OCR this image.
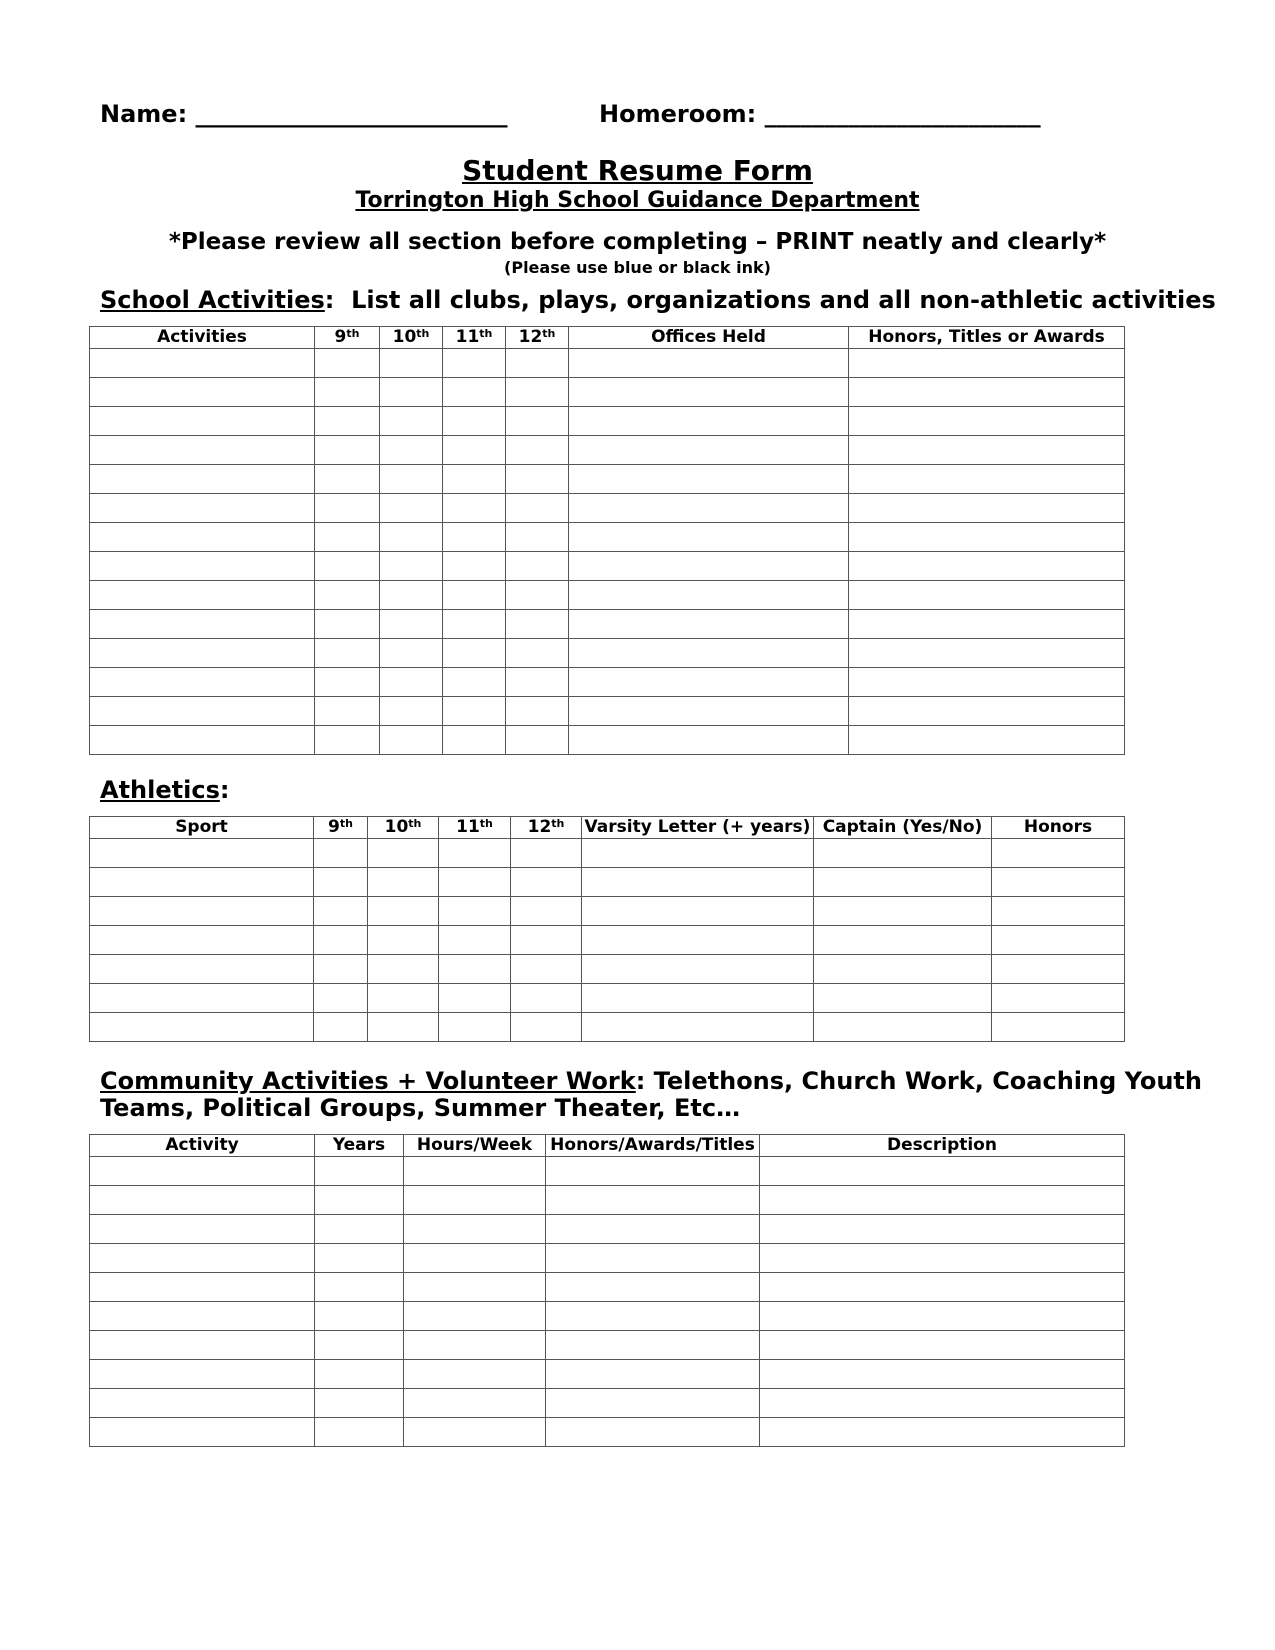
Name: __________________________	Homeroom: _______________________
Student Resume Form
Torrington High School Guidance Department
*Please review all section before completing – PRINT neatly and clearly*
(Please use blue or black ink)
School Activities:  List all clubs, plays, organizations and all non-athletic activities
Activities	9th	10th	11th	12th	Offices Held	Honors, Titles or Awards

Athletics:
Sport	9th	10th	11th	12th	Varsity Letter (+ years)	Captain (Yes/No)	Honors

Community Activities + Volunteer Work: Telethons, Church Work, Coaching Youth
Teams, Political Groups, Summer Theater, Etc…
Activity	Years	Hours/Week	Honors/Awards/Titles	Description
